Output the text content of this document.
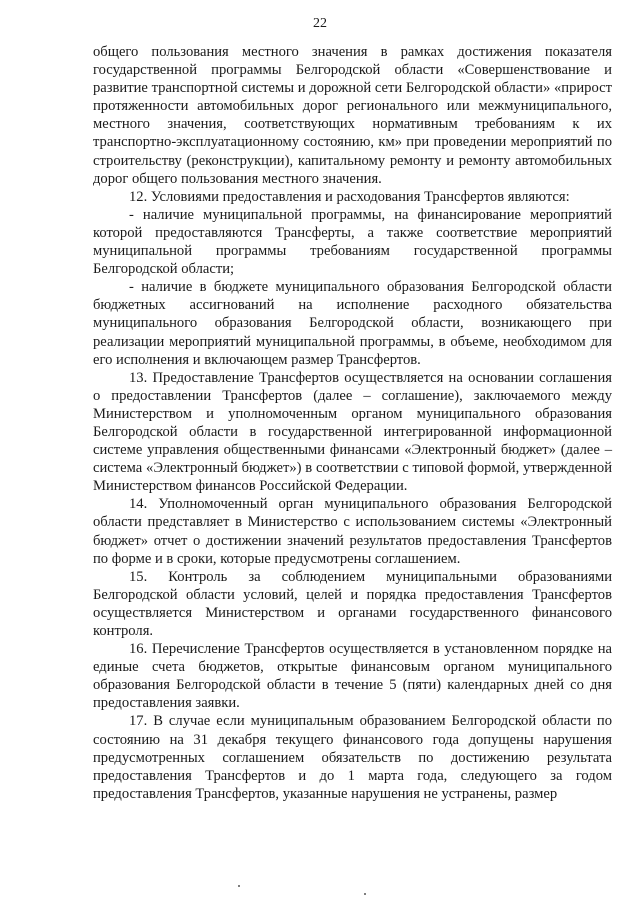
22

общего пользования местного значения в рамках достижения показателя государственной программы Белгородской области «Совершенствование и развитие транспортной системы и дорожной сети Белгородской области» «прирост протяженности автомобильных дорог регионального или межмуниципального, местного значения, соответствующих нормативным требованиям к их транспортно-эксплуатационному состоянию, км» при проведении мероприятий по строительству (реконструкции), капитальному ремонту и ремонту автомобильных дорог общего пользования местного значения.

12. Условиями предоставления и расходования Трансфертов являются:

- наличие муниципальной программы, на финансирование мероприятий которой предоставляются Трансферты, а также соответствие мероприятий муниципальной программы требованиям государственной программы Белгородской области;

- наличие в бюджете муниципального образования Белгородской области бюджетных ассигнований на исполнение расходного обязательства муниципального образования Белгородской области, возникающего при реализации мероприятий муниципальной программы, в объеме, необходимом для его исполнения и включающем размер Трансфертов.

13. Предоставление Трансфертов осуществляется на основании соглашения о предоставлении Трансфертов (далее – соглашение), заключаемого между Министерством и уполномоченным органом муниципального образования Белгородской области в государственной интегрированной информационной системе управления общественными финансами «Электронный бюджет» (далее – система «Электронный бюджет») в соответствии с типовой формой, утвержденной Министерством финансов Российской Федерации.

14. Уполномоченный орган муниципального образования Белгородской области представляет в Министерство с использованием системы «Электронный бюджет» отчет о достижении значений результатов предоставления Трансфертов по форме и в сроки, которые предусмотрены соглашением.

15. Контроль за соблюдением муниципальными образованиями Белгородской области условий, целей и порядка предоставления Трансфертов осуществляется Министерством и органами государственного финансового контроля.

16. Перечисление Трансфертов осуществляется в установленном порядке на единые счета бюджетов, открытые финансовым органом муниципального образования Белгородской области в течение 5 (пяти) календарных дней со дня предоставления заявки.

17. В случае если муниципальным образованием Белгородской области по состоянию на 31 декабря текущего финансового года допущены нарушения предусмотренных соглашением обязательств по достижению результата предоставления Трансфертов и до 1 марта года, следующего за годом предоставления Трансфертов, указанные нарушения не устранены, размер
